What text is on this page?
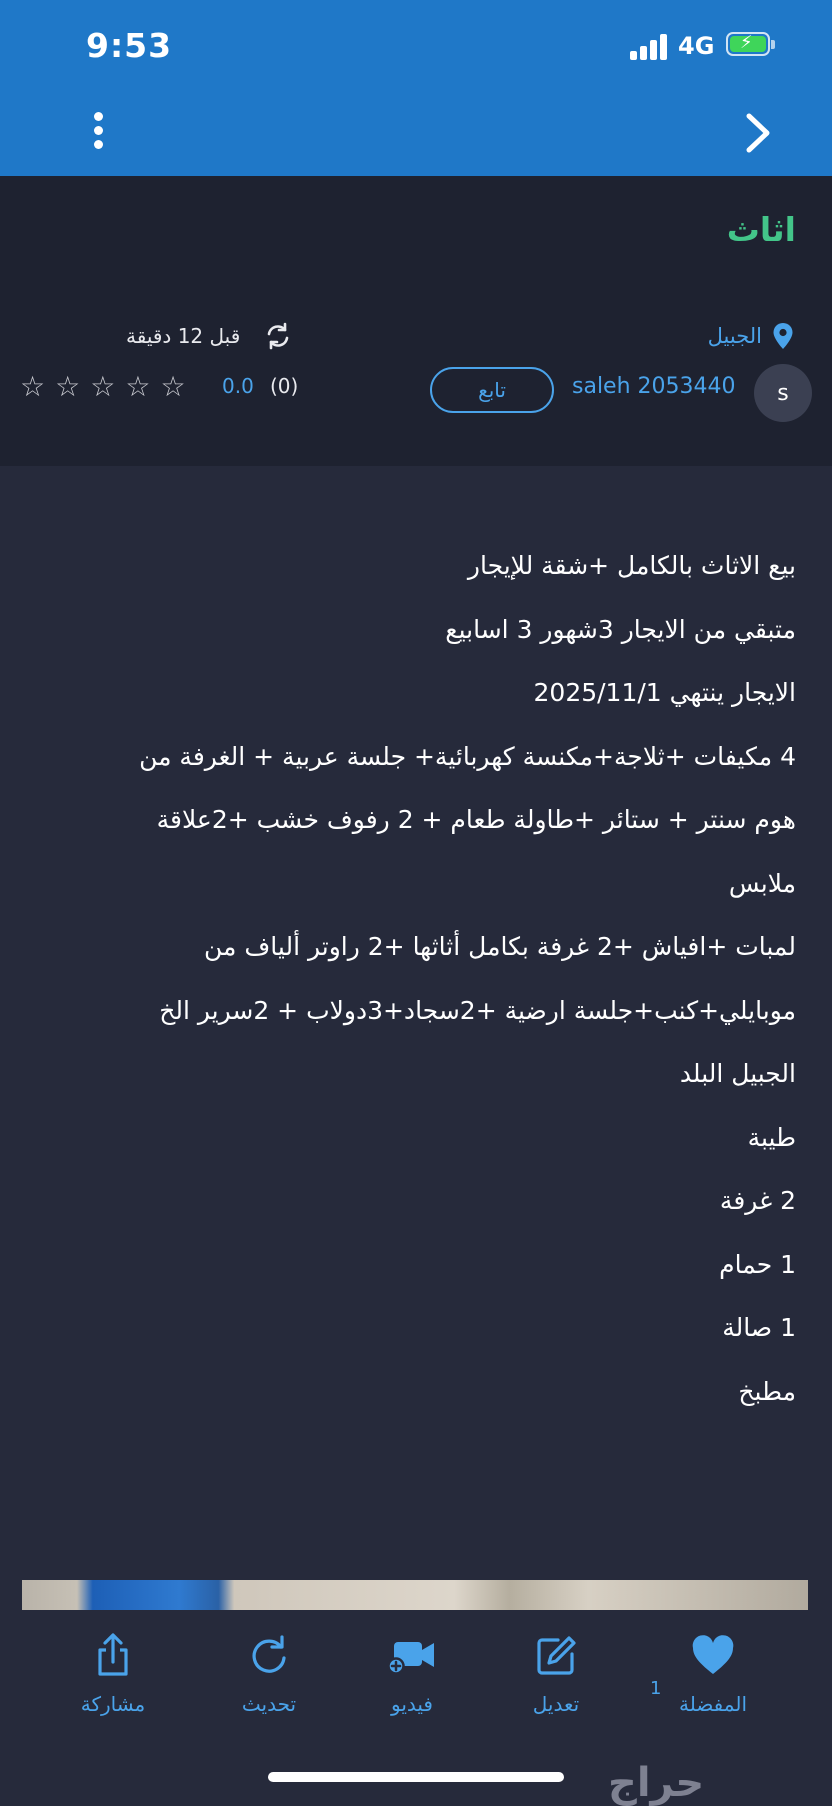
9:53	4G ⚡
اثاث
الجبيل
قبل 12 دقيقة
s
saleh 2053440
تابع
(0)
0.0
☆ ☆ ☆ ☆ ☆
بيع الاثاث بالكامل +شقة للإيجار
متبقي من الايجار 3شهور 3 اسابيع
الايجار ينتهي 2025/11/1
4 مكيفات +ثلاجة+مكنسة كهربائية+ جلسة عربية + الغرفة من
هوم سنتر + ستائر +طاولة طعام + 2 رفوف خشب +2علاقة
ملابس
لمبات +افياش +2 غرفة بكامل أثاثها +2 راوتر ألياف من
موبايلي+كنب+جلسة ارضية +2سجاد+3دولاب + 2سرير الخ
الجبيل البلد
طيبة
2 غرفة
1 حمام
1 صالة
مطبخ
1
المفضلة
تعديل
فيديو
تحديث
مشاركة
حراج
